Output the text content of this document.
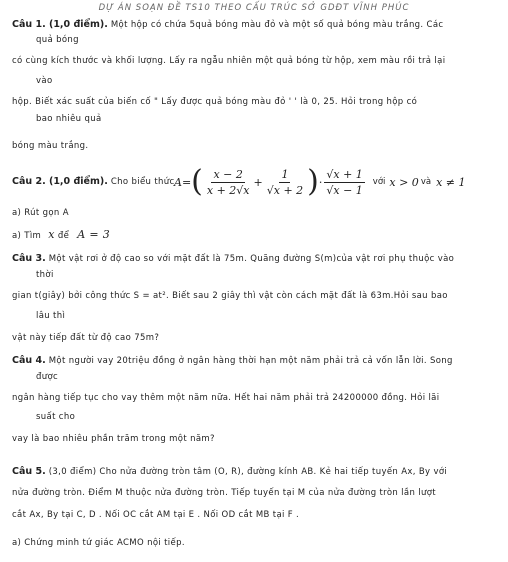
DỰ ÁN SOẠN ĐỀ TS10 THEO CẤU TRÚC SỞ GDĐT VĨNH PHÚC
Câu 1. (1,0 điểm). Một hộp có chứa 5quả bóng màu đỏ và một số quả bóng màu trắng. Các
quả bóng
có cùng kích thước và khối lượng. Lấy ra ngẫu nhiên một quả bóng từ hộp, xem màu rồi trả lại
vào
hộp. Biết xác suất của biến cố " Lấy được quả bóng màu đỏ ' ' là 0, 25. Hỏi trong hộp có
bao nhiêu quả
bóng màu trắng.
Câu 2. (1,0 điểm). Cho biểu thức A= ( $\frac{x - 2}{x + 2√x} + \frac{1}{√x + 2}$ ) · $\frac{√x + 1}{√x - 1}$ với x > 0 và x ≠ 1
a) Rút gọn A
a) Tìm x để A = 3
Câu 3. Một vật rơi ở độ cao so với mặt đất là 75m. Quãng đường S(m)của vật rơi phụ thuộc vào
thời
gian t(giây) bởi công thức S = at². Biết sau 2 giây thì vật còn cách mặt đất là 63m.Hỏi sau bao
lâu thì
vật này tiếp đất từ độ cao 75m?
Câu 4. Một người vay 20triệu đồng ở ngân hàng thời hạn một năm phải trả cả vốn lẫn lời. Song
được
ngân hàng tiếp tục cho vay thêm một năm nữa. Hết hai năm phải trả 24200000 đồng. Hỏi lãi
suất cho
vay là bao nhiêu phần trăm trong một năm?
Câu 5. (3,0 điểm) Cho nửa đường tròn tâm (O, R), đường kính AB. Kẻ hai tiếp tuyến Ax, By với
nửa đường tròn. Điểm M thuộc nửa đường tròn. Tiếp tuyến tại M của nửa đường tròn lần lượt
cắt Ax, By tại C, D . Nối OC cắt AM tại E . Nối OD cắt MB tại F .
a) Chứng minh tứ giác ACMO nội tiếp.
